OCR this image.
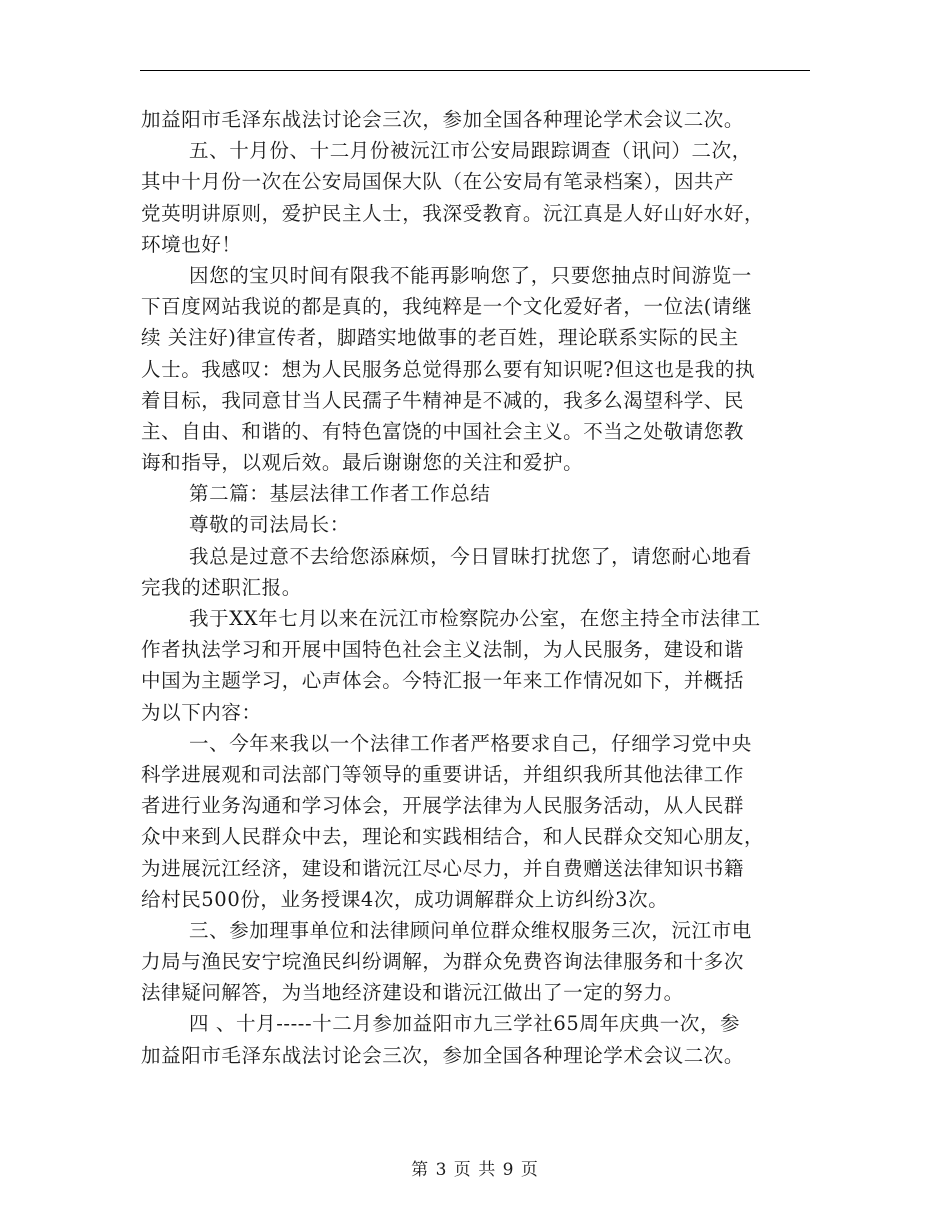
加益阳市毛泽东战法讨论会三次，参加全国各种理论学术会议二次。
五、十月份、十二月份被沅江市公安局跟踪调查（讯问）二次，
其中十月份一次在公安局国保大队（在公安局有笔录档案），因共产
党英明讲原则，爱护民主人士，我深受教育。沅江真是人好山好水好，
环境也好！
因您的宝贝时间有限我不能再影响您了，只要您抽点时间游览一
下百度网站我说的都是真的，我纯粹是一个文化爱好者，一位法(请继
续 关注好)律宣传者，脚踏实地做事的老百姓，理论联系实际的民主
人士。我感叹：想为人民服务总觉得那么要有知识呢?但这也是我的执
着目标，我同意甘当人民孺子牛精神是不减的，我多么渴望科学、民
主、自由、和谐的、有特色富饶的中国社会主义。不当之处敬请您教
诲和指导，以观后效。最后谢谢您的关注和爱护。
第二篇：基层法律工作者工作总结
尊敬的司法局长：
我总是过意不去给您添麻烦，今日冒昧打扰您了，请您耐心地看
完我的述职汇报。
我于XX年七月以来在沅江市检察院办公室，在您主持全市法律工
作者执法学习和开展中国特色社会主义法制，为人民服务，建设和谐
中国为主题学习，心声体会。今特汇报一年来工作情况如下，并概括
为以下内容：
一、今年来我以一个法律工作者严格要求自己，仔细学习党中央
科学进展观和司法部门等领导的重要讲话，并组织我所其他法律工作
者进行业务沟通和学习体会，开展学法律为人民服务活动，从人民群
众中来到人民群众中去，理论和实践相结合，和人民群众交知心朋友，
为进展沅江经济，建设和谐沅江尽心尽力，并自费赠送法律知识书籍
给村民500份，业务授课4次，成功调解群众上访纠纷3次。
三、参加理事单位和法律顾问单位群众维权服务三次，沅江市电
力局与渔民安宁垸渔民纠纷调解，为群众免费咨询法律服务和十多次
法律疑问解答，为当地经济建设和谐沅江做出了一定的努力。
四 、十月-----十二月参加益阳市九三学社65周年庆典一次，参
加益阳市毛泽东战法讨论会三次，参加全国各种理论学术会议二次。
第 3 页 共 9 页
